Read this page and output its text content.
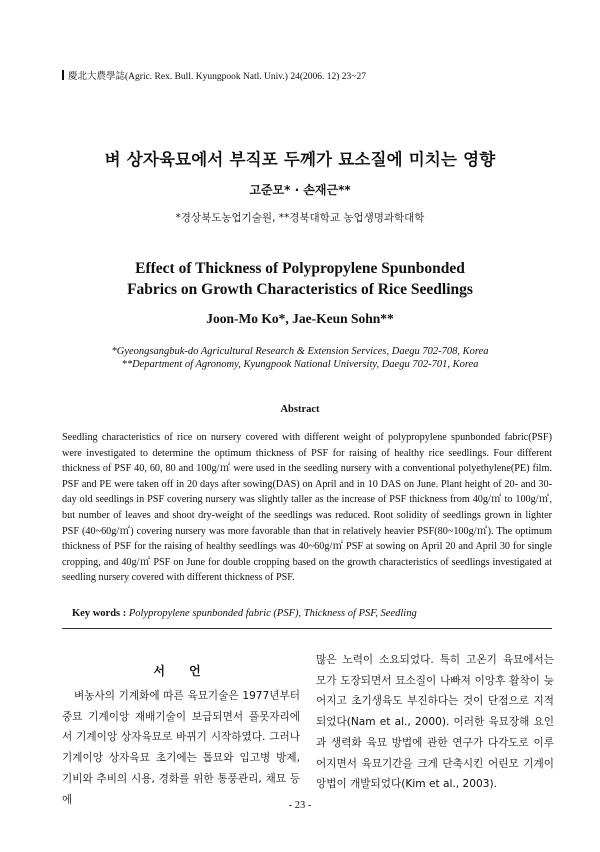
慶北大農學誌(Agric. Rex. Bull. Kyungpook Natl. Univ.) 24(2006. 12) 23~27
벼 상자육묘에서 부직포 두께가 묘소질에 미치는 영향
고준모* · 손재근**
*경상북도농업기술원, **경북대학교 농업생명과학대학
Effect of Thickness of Polypropylene Spunbonded
Fabrics on Growth Characteristics of Rice Seedlings
Joon-Mo Ko*, Jae-Keun Sohn**
*Gyeongsangbuk-do Agricultural Research & Extension Services, Daegu 702-708, Korea
**Department of Agronomy, Kyungpook National University, Daegu 702-701, Korea
Abstract

Seedling characteristics of rice on nursery covered with different weight of polypropylene spunbonded fabric(PSF) were investigated to determine the optimum thickness of PSF for raising of healthy rice seedlings. Four different thickness of PSF 40, 60, 80 and 100g/㎡ were used in the seedling nursery with a conventional polyethylene(PE) film. PSF and PE were taken off in 20 days after sowing(DAS) on April and in 10 DAS on June. Plant height of 20- and 30- day old seedlings in PSF covering nursery was slightly taller as the increase of PSF thickness from 40g/㎡ to 100g/㎡, but number of leaves and shoot dry-weight of the seedlings was reduced. Root solidity of seedlings grown in lighter PSF (40~60g/㎡) covering nursery was more favorable than that in relatively heavier PSF(80~100g/㎡). The optimum thickness of PSF for the raising of healthy seedlings was 40~60g/㎡ PSF at sowing on April 20 and April 30 for single cropping, and 40g/㎡ PSF on June for double cropping based on the growth characteristics of seedlings investigated at seedling nursery covered with different thickness of PSF.

Key words : Polypropylene spunbonded fabric (PSF), Thickness of PSF, Seedling
서 언

벼농사의 기계화에 따른 육묘기술은 1977년부터 중묘 기계이앙 재배기술이 보급되면서 풀못자리에서 기계이앙 상자육묘로 바뀌기 시작하였다. 그러나 기계이앙 상자육묘 초기에는 톱묘와 입고병 방제, 기비와 추비의 시용, 경화를 위한 통풍관리, 채묘 등에

많은 노력이 소요되었다. 특히 고온기 육묘에서는 모가 도장되면서 묘소질이 나빠져 이앙후 활착이 늦어지고 초기생육도 부진하다는 것이 단점으로 지적되었다(Nam et al., 2000). 이러한 육묘장해 요인과 생력화 육묘 방법에 관한 연구가 다각도로 이루어지면서 육묘기간을 크게 단축시킨 어린모 기계이앙법이 개발되었다(Kim et al., 2003).

- 23 -
